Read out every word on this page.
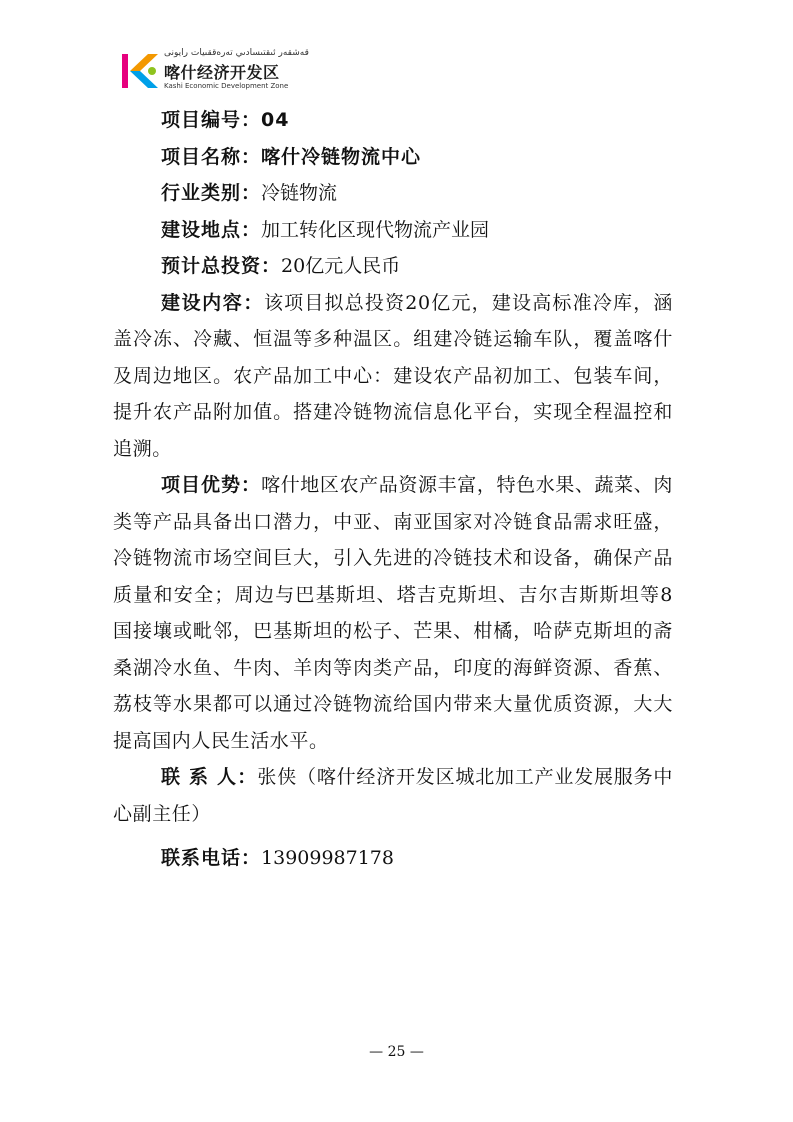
قەشقەر ئىقتىسادىي تەرەققىيات رايونى
喀什经济开发区
Kashi Economic Development Zone

项目编号：04

项目名称：喀什冷链物流中心

行业类别：冷链物流

建设地点：加工转化区现代物流产业园

预计总投资：20亿元人民币

建设内容：该项目拟总投资20亿元，建设高标准冷库，涵盖冷冻、冷藏、恒温等多种温区。组建冷链运输车队，覆盖喀什及周边地区。农产品加工中心：建设农产品初加工、包装车间，提升农产品附加值。搭建冷链物流信息化平台，实现全程温控和追溯。

项目优势：喀什地区农产品资源丰富，特色水果、蔬菜、肉类等产品具备出口潜力，中亚、南亚国家对冷链食品需求旺盛，冷链物流市场空间巨大，引入先进的冷链技术和设备，确保产品质量和安全；周边与巴基斯坦、塔吉克斯坦、吉尔吉斯斯坦等8国接壤或毗邻，巴基斯坦的松子、芒果、柑橘，哈萨克斯坦的斋桑湖冷水鱼、牛肉、羊肉等肉类产品，印度的海鲜资源、香蕉、荔枝等水果都可以通过冷链物流给国内带来大量优质资源，大大提高国内人民生活水平。

联 系 人：张侠（喀什经济开发区城北加工产业发展服务中心副主任）

联系电话：13909987178

— 25 —
